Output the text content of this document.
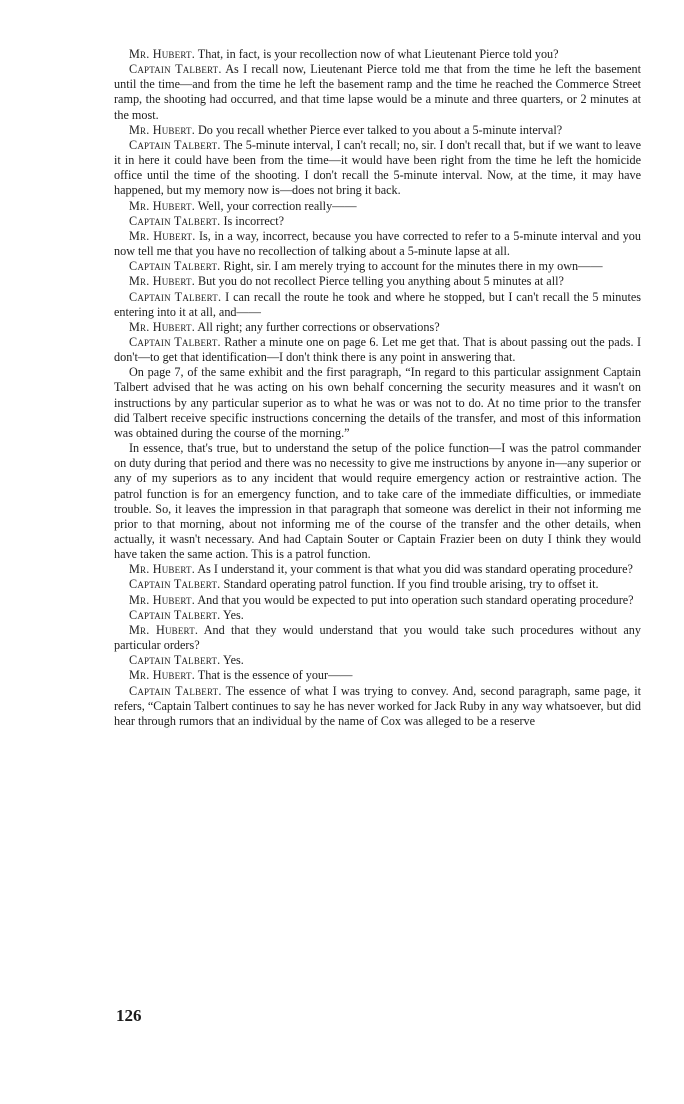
Mr. Hubert. That, in fact, is your recollection now of what Lieutenant Pierce told you?

Captain Talbert. As I recall now, Lieutenant Pierce told me that from the time he left the basement until the time—and from the time he left the basement ramp and the time he reached the Commerce Street ramp, the shooting had occurred, and that time lapse would be a minute and three quarters, or 2 minutes at the most.

Mr. Hubert. Do you recall whether Pierce ever talked to you about a 5-minute interval?

Captain Talbert. The 5-minute interval, I can't recall; no, sir. I don't recall that, but if we want to leave it in here it could have been from the time—it would have been right from the time he left the homicide office until the time of the shooting. I don't recall the 5-minute interval. Now, at the time, it may have happened, but my memory now is—does not bring it back.

Mr. Hubert. Well, your correction really——

Captain Talbert. Is incorrect?

Mr. Hubert. Is, in a way, incorrect, because you have corrected to refer to a 5-minute interval and you now tell me that you have no recollection of talking about a 5-minute lapse at all.

Captain Talbert. Right, sir. I am merely trying to account for the minutes there in my own——

Mr. Hubert. But you do not recollect Pierce telling you anything about 5 minutes at all?

Captain Talbert. I can recall the route he took and where he stopped, but I can't recall the 5 minutes entering into it at all, and——

Mr. Hubert. All right; any further corrections or observations?

Captain Talbert. Rather a minute one on page 6. Let me get that. That is about passing out the pads. I don't—to get that identification—I don't think there is any point in answering that.

On page 7, of the same exhibit and the first paragraph, “In regard to this particular assignment Captain Talbert advised that he was acting on his own behalf concerning the security measures and it wasn't on instructions by any particular superior as to what he was or was not to do. At no time prior to the transfer did Talbert receive specific instructions concerning the details of the transfer, and most of this information was obtained during the course of the morning.”

In essence, that's true, but to understand the setup of the police function—I was the patrol commander on duty during that period and there was no necessity to give me instructions by anyone in—any superior or any of my superiors as to any incident that would require emergency action or restraintive action. The patrol function is for an emergency function, and to take care of the immediate difficulties, or immediate trouble. So, it leaves the impression in that paragraph that someone was derelict in their not informing me prior to that morning, about not informing me of the course of the transfer and the other details, when actually, it wasn't necessary. And had Captain Souter or Captain Frazier been on duty I think they would have taken the same action. This is a patrol function.

Mr. Hubert. As I understand it, your comment is that what you did was standard operating procedure?

Captain Talbert. Standard operating patrol function. If you find trouble arising, try to offset it.

Mr. Hubert. And that you would be expected to put into operation such standard operating procedure?

Captain Talbert. Yes.

Mr. Hubert. And that they would understand that you would take such procedures without any particular orders?

Captain Talbert. Yes.

Mr. Hubert. That is the essence of your——

Captain Talbert. The essence of what I was trying to convey. And, second paragraph, same page, it refers, “Captain Talbert continues to say he has never worked for Jack Ruby in any way whatsoever, but did hear through rumors that an individual by the name of Cox was alleged to be a reserve

126
